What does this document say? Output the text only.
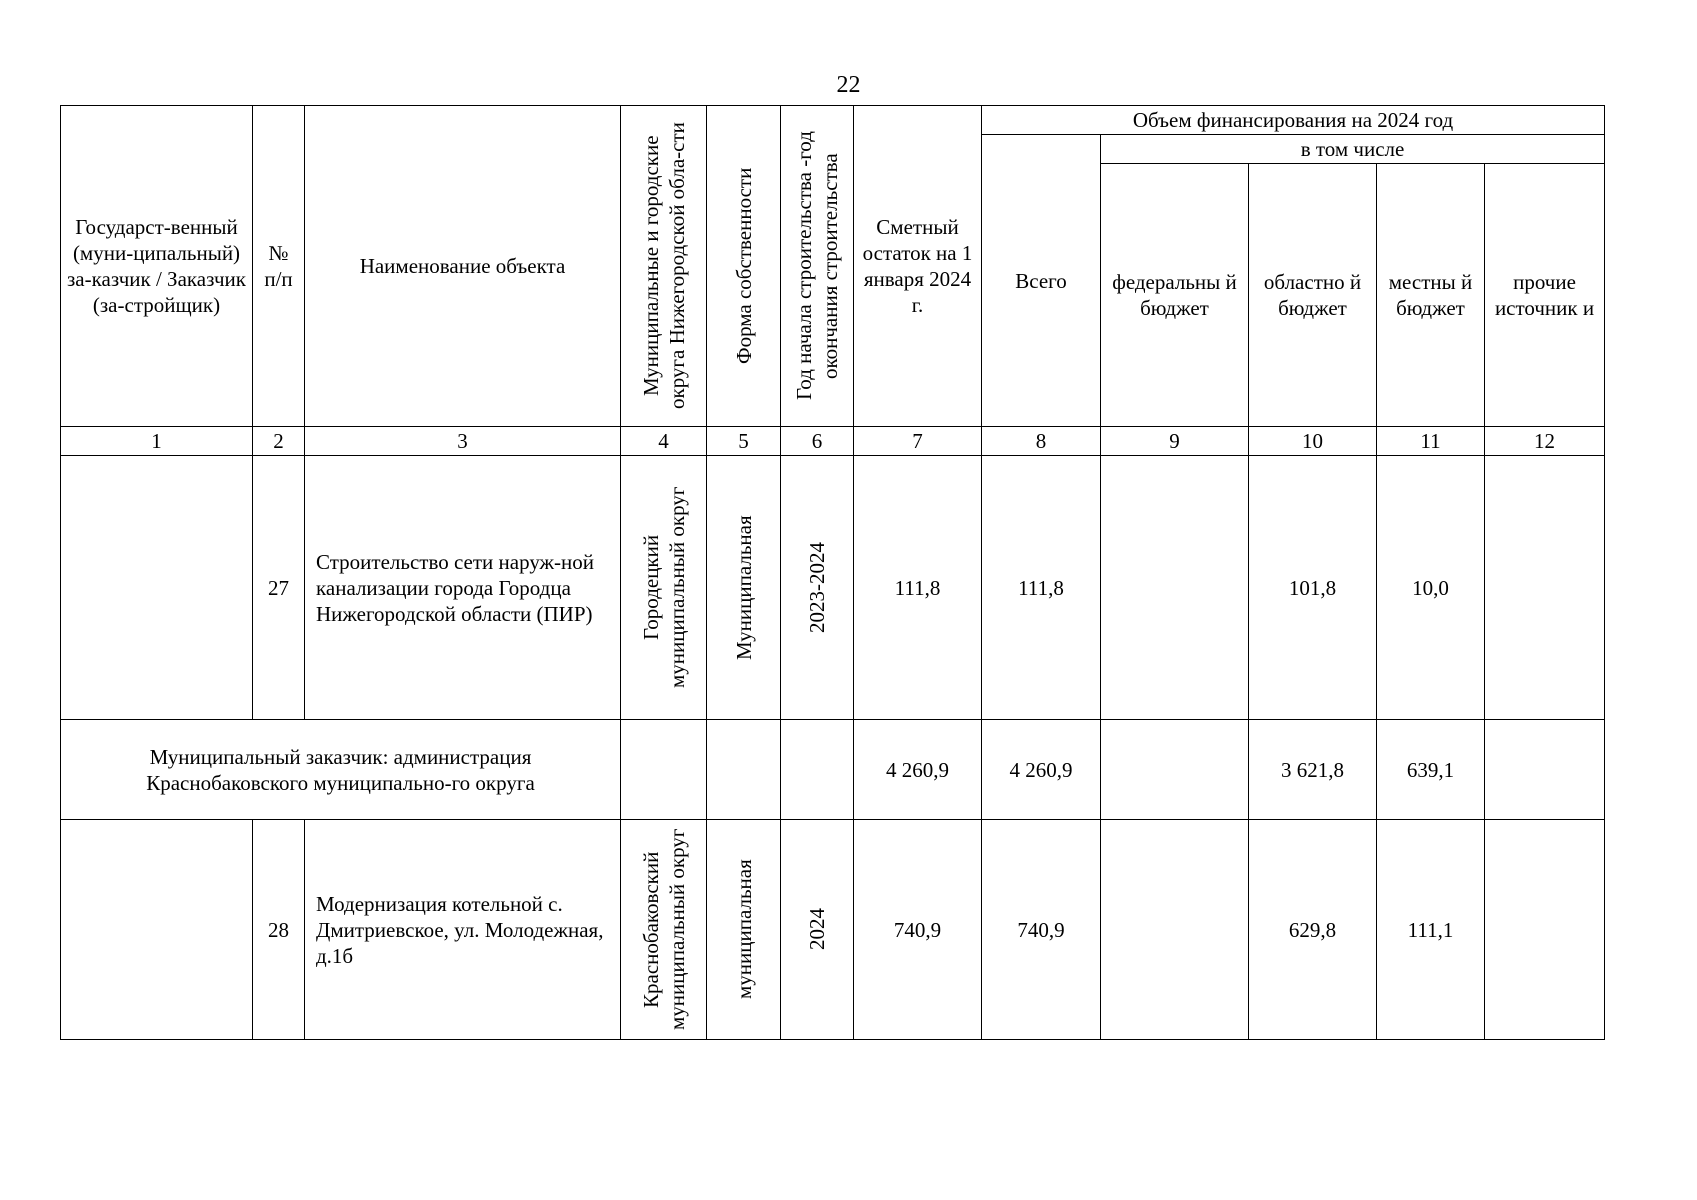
22
Государст-венный (муни-ципальный) за-казчик / Заказчик (за-стройщик)	№ п/п	Наименование объекта	Муниципальные и городские округа Нижегородской обла-сти	Форма собственности	Год начала строительства -год окончания строительства	Сметный остаток на 1 января 2024 г.	Объем финансирования на 2024 год				

							Всего	в том числе			

								федеральны й бюджет	областно й бюджет	местны й бюджет	прочие источник и

1	2	3	4	5	6	7	8	9	10	11	12
	27	Строительство сети наруж-ной канализации города Городца Нижегородской области (ПИР)	Городецкий муниципальный округ	Муниципальная	2023-2024	111,8	111,8		101,8	10,0	

Муниципальный заказчик: администрация Краснобаковского муниципально-го округа						4 260,9	4 260,9		3 621,8	639,1	
	28	Модернизация котельной с. Дмитриевское, ул. Молодежная, д.1б	Краснобаковский муниципальный округ	муниципальная	2024	740,9	740,9		629,8	111,1	
